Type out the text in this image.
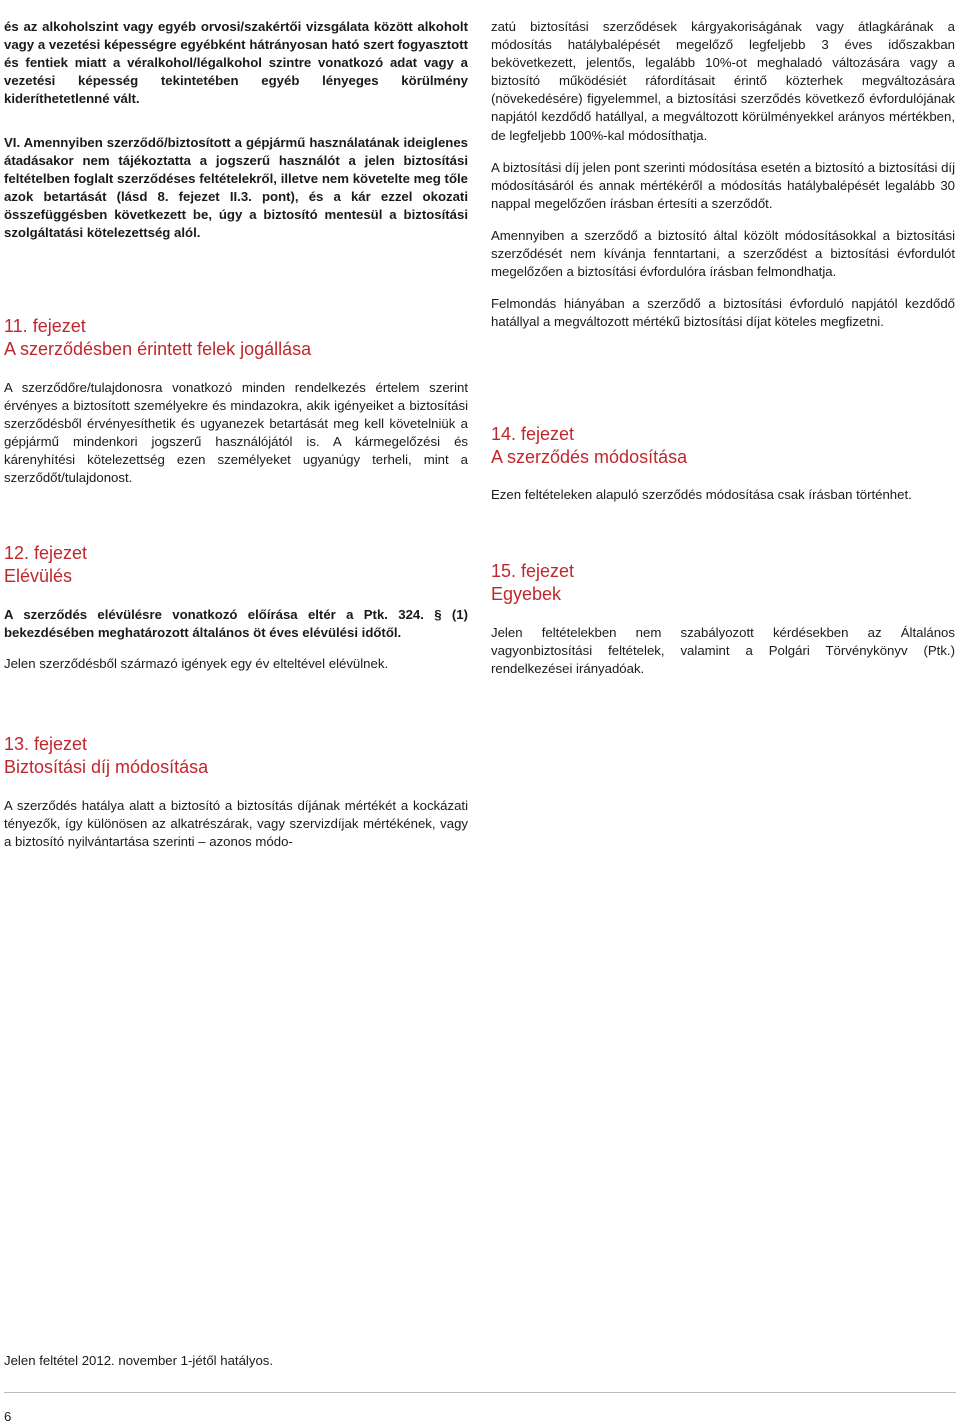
és az alkoholszint vagy egyéb orvosi/szakértői vizsgálata között alkoholt vagy a vezetési képességre egyébként hátrányosan ható szert fogyasztott és fentiek miatt a véralkohol/légalkohol szintre vonatkozó adat vagy a vezetési képesség tekintetében egyéb lényeges körülmény kideríthetetlenné vált.

VI. Amennyiben szerződő/biztosított a gépjármű használatának ideiglenes átadásakor nem tájékoztatta a jogszerű használót a jelen biztosítási feltételben foglalt szerződéses feltételekről, illetve nem követelte meg tőle azok betartását (lásd 8. fejezet II.3. pont), és a kár ezzel okozati összefüggésben következett be, úgy a biztosító mentesül a biztosítási szolgáltatási kötelezettség alól.

11. fejezet
A szerződésben érintett felek jogállása

A szerződőre/tulajdonosra vonatkozó minden rendelkezés értelem szerint érvényes a biztosított személyekre és mindazokra, akik igényeiket a biztosítási szerződésből érvényesíthetik és ugyanezek betartását meg kell követelniük a gépjármű mindenkori jogszerű használójától is. A kármegelőzési és kárenyhítési kötelezettség ezen személyeket ugyanúgy terheli, mint a szerződőt/tulajdonost.

12. fejezet
Elévülés

A szerződés elévülésre vonatkozó előírása eltér a Ptk. 324. § (1) bekezdésében meghatározott általános öt éves elévülési időtől.

Jelen szerződésből származó igények egy év elteltével elévülnek.

13. fejezet
Biztosítási díj módosítása

A szerződés hatálya alatt a biztosító a biztosítás díjának mértékét a kockázati tényezők, így különösen az alkatrészárak, vagy szervizdíjak mértékének, vagy a biztosító nyilvántartása szerinti – azonos módo-

zatú biztosítási szerződések kárgyakoriságának vagy átlagkárának a módosítás hatálybalépését megelőző legfeljebb 3 éves időszakban bekövetkezett, jelentős, legalább 10%-ot meghaladó változására vagy a biztosító működésiét ráfordításait érintő közterhek megváltozására (növekedésére) figyelemmel, a biztosítási szerződés következő évfordulójának napjától kezdődő hatállyal, a megváltozott körülményekkel arányos mértékben, de legfeljebb 100%-kal módosíthatja.

A biztosítási díj jelen pont szerinti módosítása esetén a biztosító a biztosítási díj módosításáról és annak mértékéről a módosítás hatálybalépését legalább 30 nappal megelőzően írásban értesíti a szerződőt.

Amennyiben a szerződő a biztosító által közölt módosításokkal a biztosítási szerződését nem kívánja fenntartani, a szerződést a biztosítási évfordulót megelőzően a biztosítási évfordulóra írásban felmondhatja.

Felmondás hiányában a szerződő a biztosítási évforduló napjától kezdődő hatállyal a megváltozott mértékű biztosítási díjat köteles megfizetni.

14. fejezet
A szerződés módosítása

Ezen feltételeken alapuló szerződés módosítása csak írásban történhet.

15. fejezet
Egyebek

Jelen feltételekben nem szabályozott kérdésekben az Általános vagyonbiztosítási feltételek, valamint a Polgári Törvénykönyv (Ptk.) rendelkezései irányadóak.

Jelen feltétel 2012. november 1-jétől hatályos.
6
